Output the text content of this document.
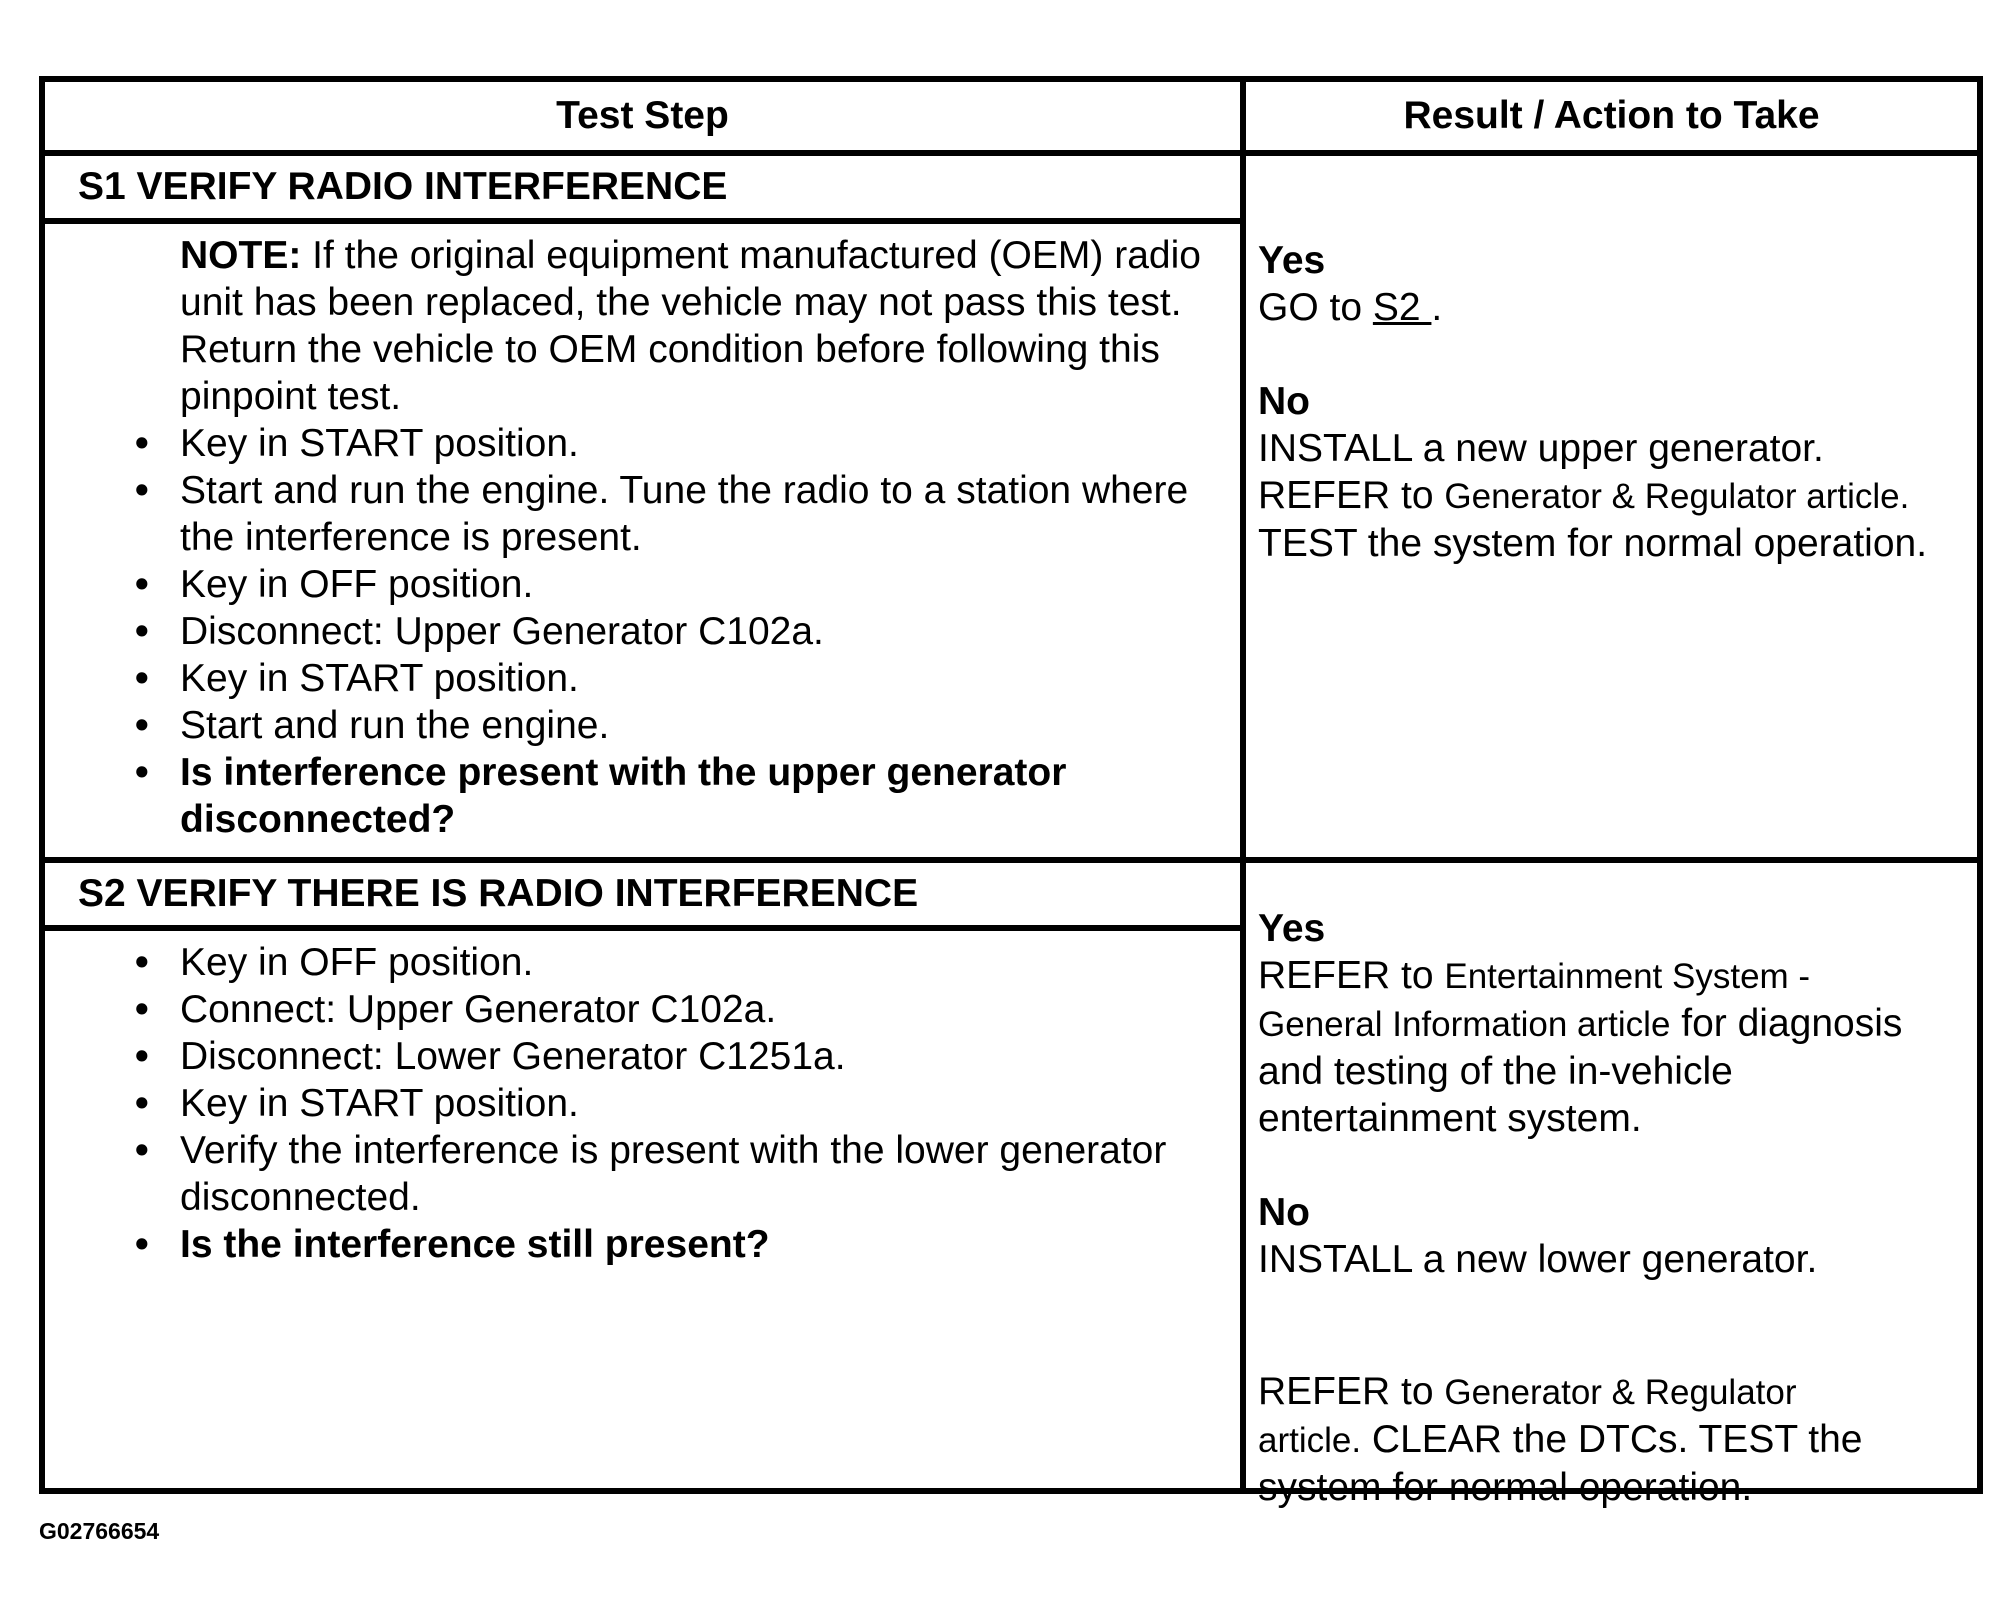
Test Step	Result / Action to Take
S1 VERIFY RADIO INTERFERENCE

NOTE: If the original equipment manufactured (OEM) radio unit has been replaced, the vehicle may not pass this test. Return the vehicle to OEM condition before following this pinpoint test.

• Key in START position.
• Start and run the engine. Tune the radio to a station where the interference is present.
• Key in OFF position.
• Disconnect: Upper Generator C102a.
• Key in START position.
• Start and run the engine.
• Is interference present with the upper generator disconnected?

Yes

GO to S2 .

No

INSTALL a new upper generator.

REFER to Generator & Regulator article.

TEST the system for normal operation.

S2 VERIFY THERE IS RADIO INTERFERENCE
• Key in OFF position.
• Connect: Upper Generator C102a.
• Disconnect: Lower Generator C1251a.
• Key in START position.
• Verify the interference is present with the lower generator disconnected.
• Is the interference still present?

Yes

REFER to Entertainment System -

General Information article for diagnosis

and testing of the in-vehicle

entertainment system.

No

INSTALL a new lower generator.

REFER to Generator & Regulator

article. CLEAR the DTCs. TEST the

system for normal operation.

G02766654
